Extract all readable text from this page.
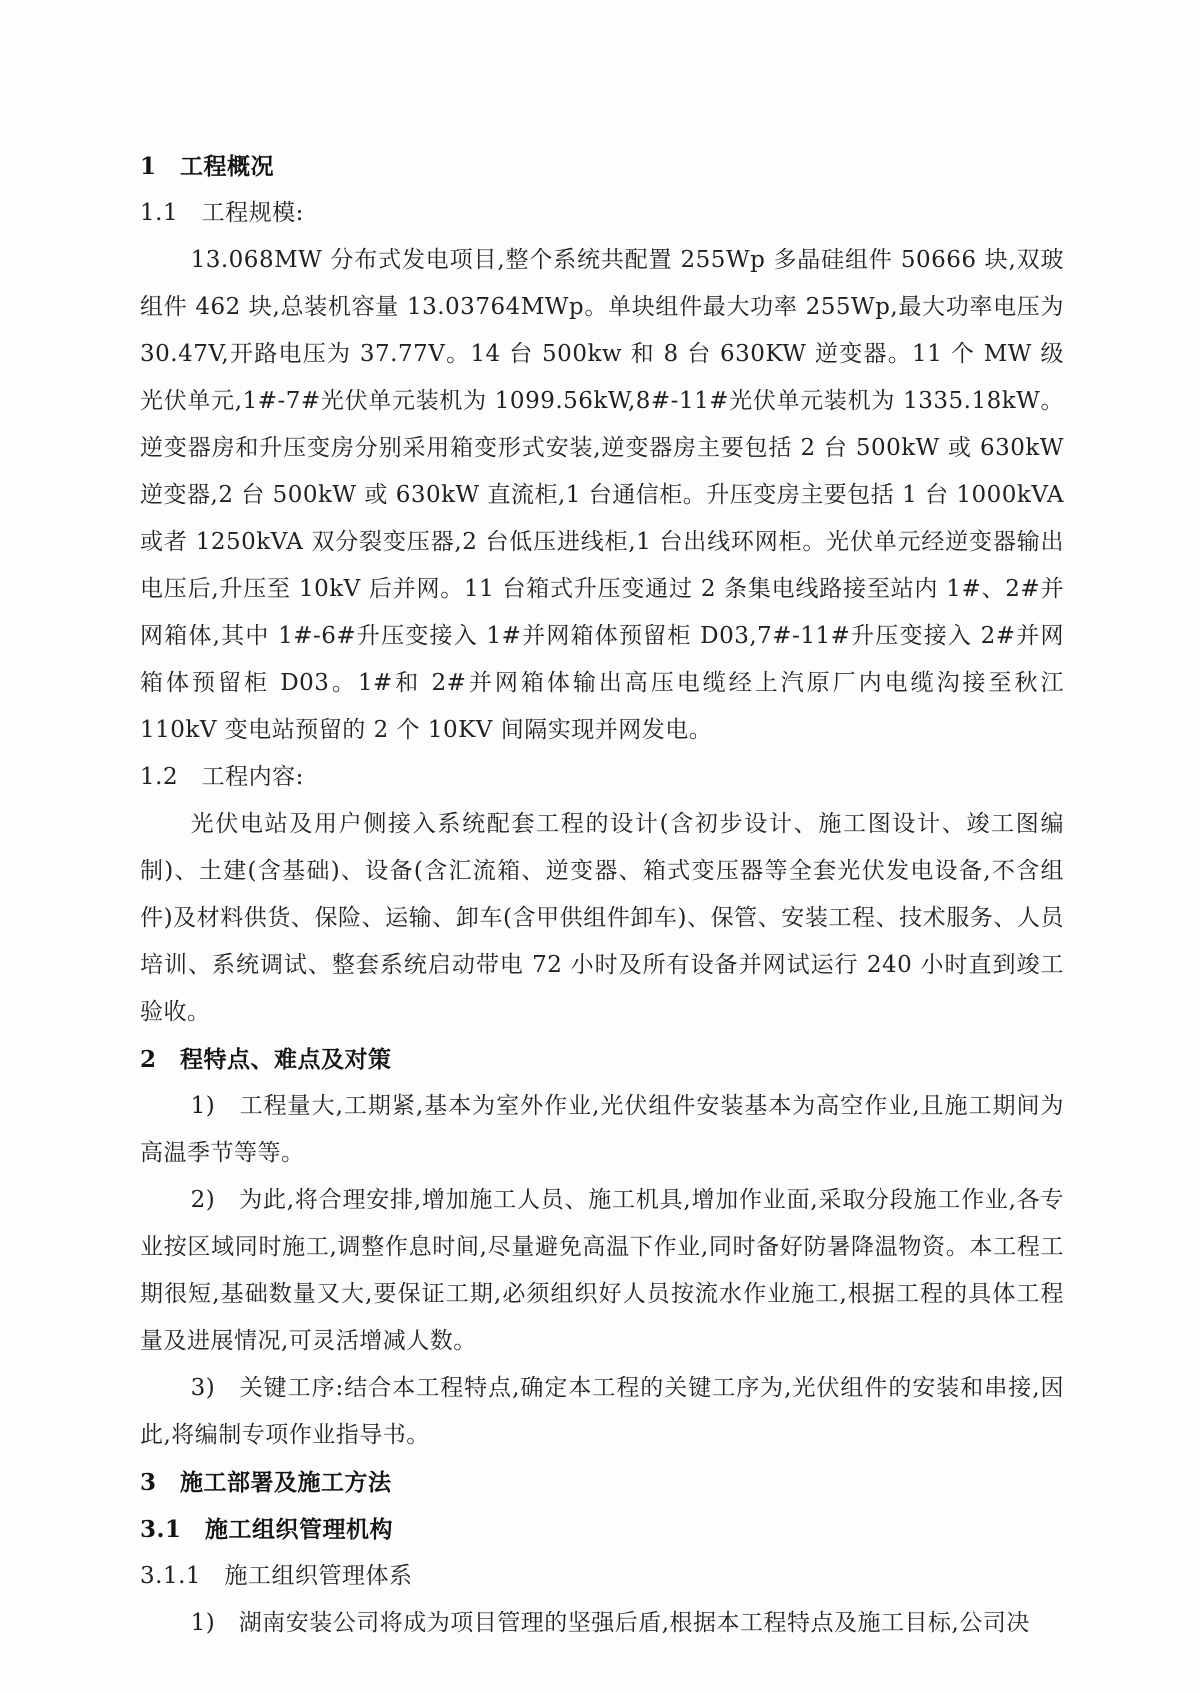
1　工程概况
1.1　工程规模:
13.068MW 分布式发电项目,整个系统共配置 255Wp 多晶硅组件 50666 块,双玻组件 462 块,总装机容量 13.03764MWp。单块组件最大功率 255Wp,最大功率电压为 30.47V,开路电压为 37.77V。14 台 500kw 和 8 台 630KW 逆变器。11 个 MW 级光伏单元,1#-7#光伏单元装机为 1099.56kW,8#-11#光伏单元装机为 1335.18kW。逆变器房和升压变房分别采用箱变形式安装,逆变器房主要包括 2 台 500kW 或 630kW 逆变器,2 台 500kW 或 630kW 直流柜,1 台通信柜。升压变房主要包括 1 台 1000kVA 或者 1250kVA 双分裂变压器,2 台低压进线柜,1 台出线环网柜。光伏单元经逆变器输出电压后,升压至 10kV 后并网。11 台箱式升压变通过 2 条集电线路接至站内 1#、2#并网箱体,其中 1#-6#升压变接入 1#并网箱体预留柜 D03,7#-11#升压变接入 2#并网箱体预留柜 D03。1#和 2#并网箱体输出高压电缆经上汽原厂内电缆沟接至秋江 110kV 变电站预留的 2 个 10KV 间隔实现并网发电。
1.2　工程内容:
光伏电站及用户侧接入系统配套工程的设计(含初步设计、施工图设计、竣工图编制)、土建(含基础)、设备(含汇流箱、逆变器、箱式变压器等全套光伏发电设备,不含组件)及材料供货、保险、运输、卸车(含甲供组件卸车)、保管、安装工程、技术服务、人员培训、系统调试、整套系统启动带电 72 小时及所有设备并网试运行 240 小时直到竣工验收。
2　程特点、难点及对策
1)　工程量大,工期紧,基本为室外作业,光伏组件安装基本为高空作业,且施工期间为高温季节等等。
2)　为此,将合理安排,增加施工人员、施工机具,增加作业面,采取分段施工作业,各专业按区域同时施工,调整作息时间,尽量避免高温下作业,同时备好防暑降温物资。本工程工期很短,基础数量又大,要保证工期,必须组织好人员按流水作业施工,根据工程的具体工程量及进展情况,可灵活增减人数。
3)　关键工序:结合本工程特点,确定本工程的关键工序为,光伏组件的安装和串接,因此,将编制专项作业指导书。
3　施工部署及施工方法
3.1　施工组织管理机构
3.1.1　施工组织管理体系
1)　湖南安装公司将成为项目管理的坚强后盾,根据本工程特点及施工目标,公司决
